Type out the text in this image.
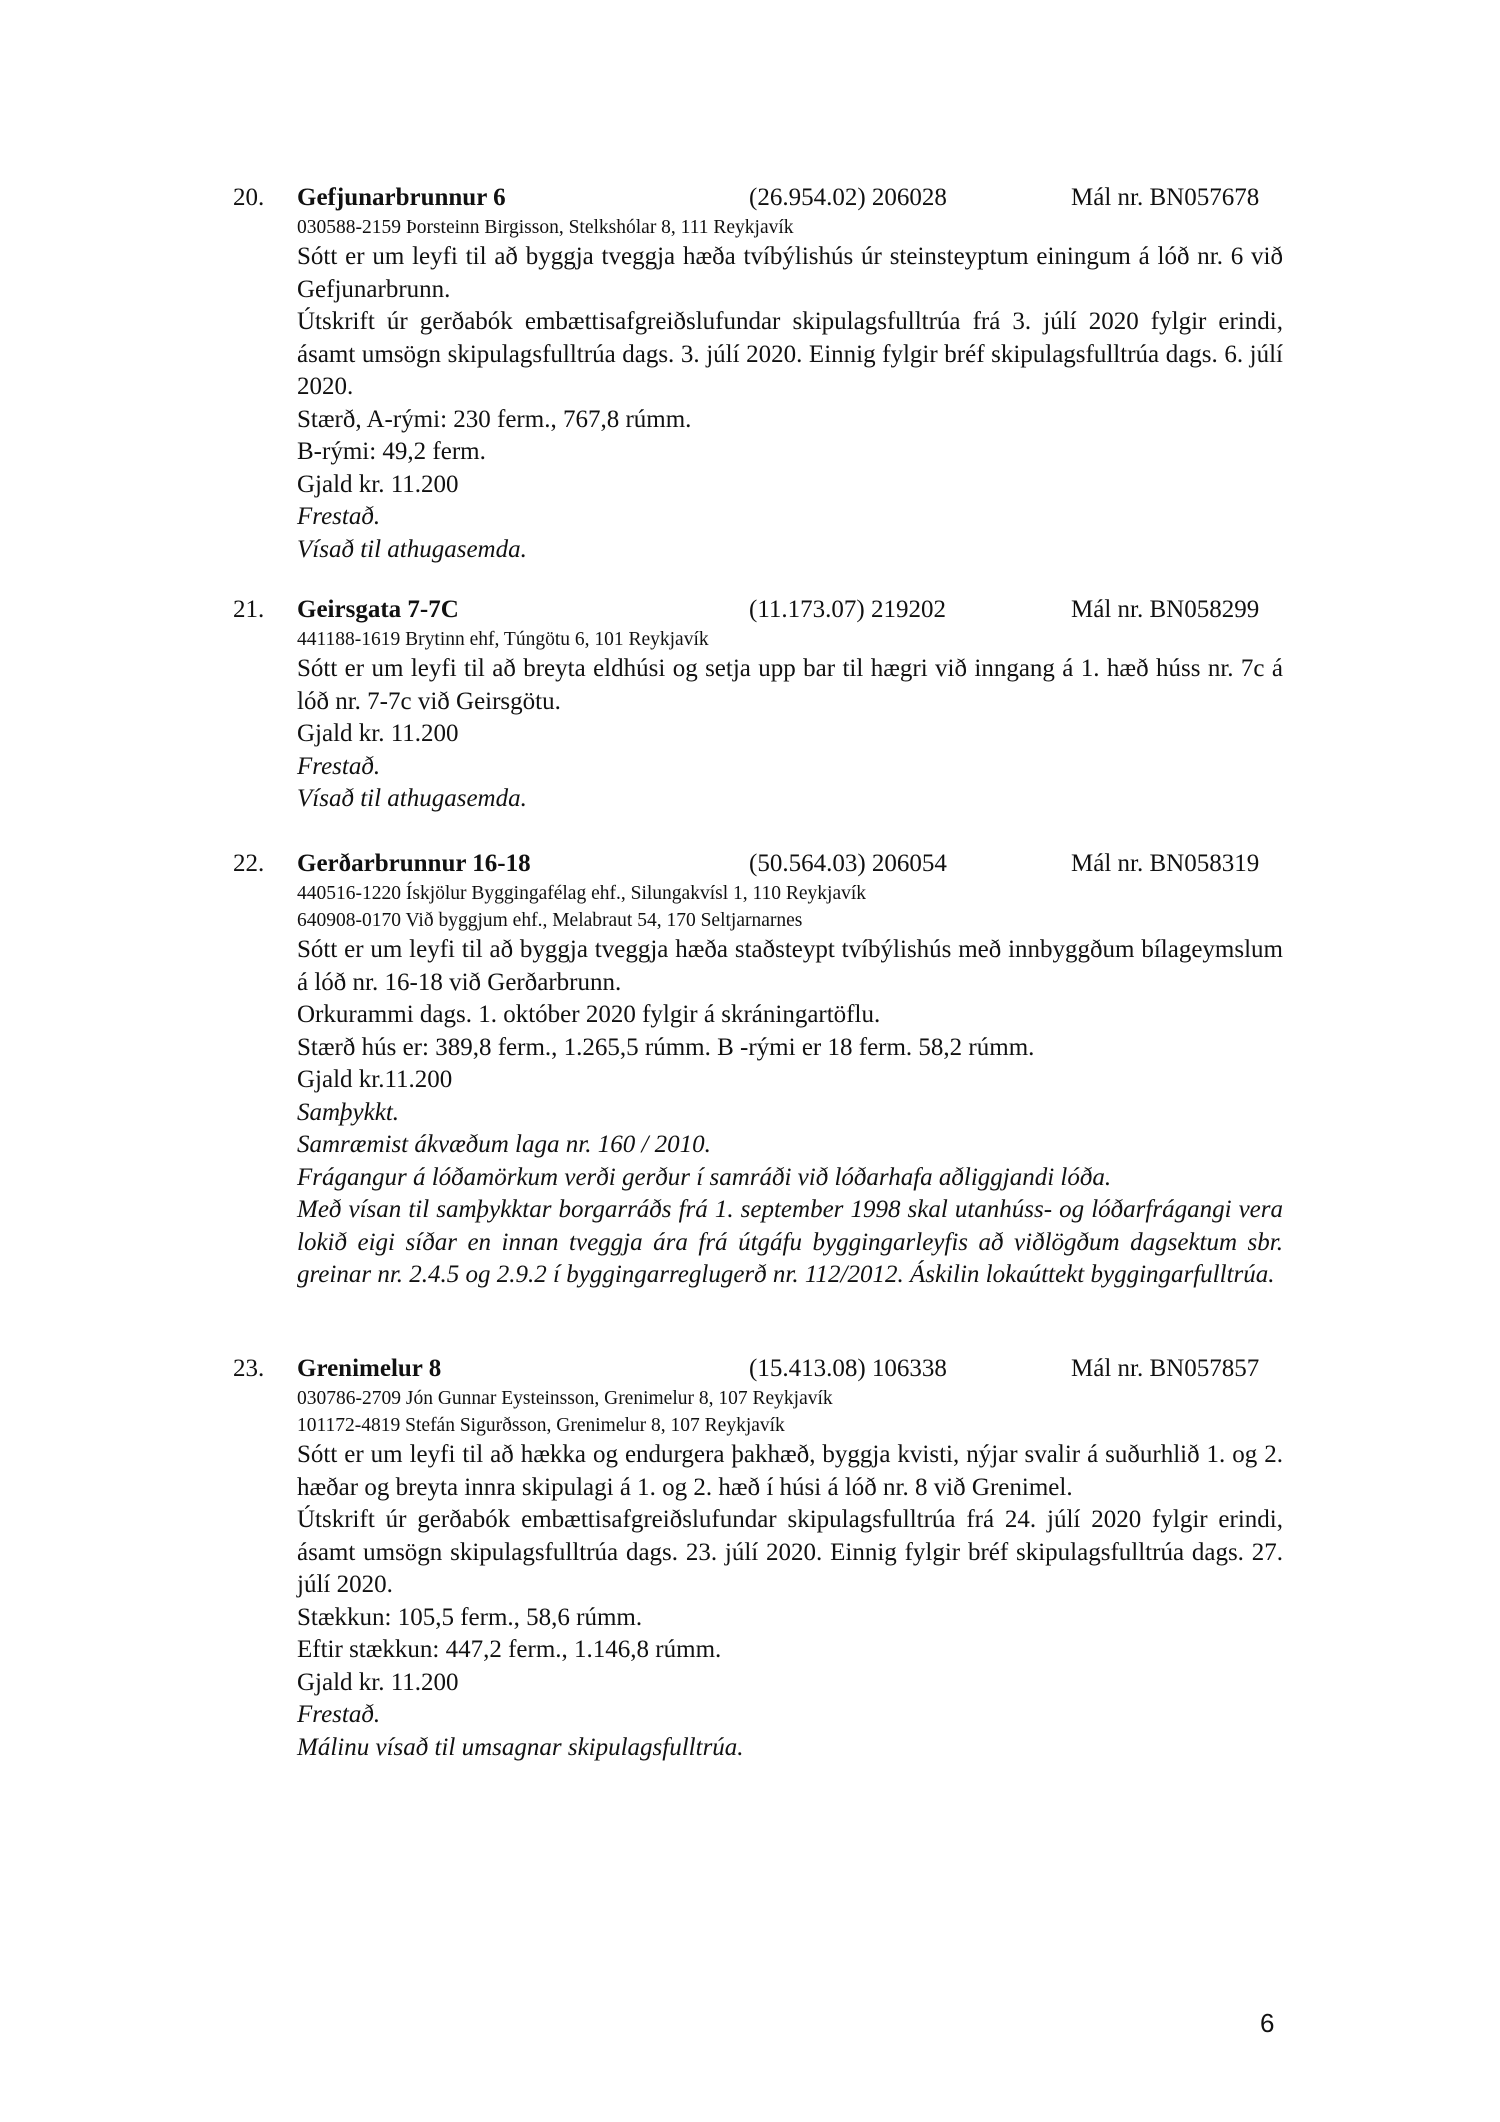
20. Gefjunarbrunnur 6	(26.954.02) 206028	Mál nr. BN057678
030588-2159 Þorsteinn Birgisson, Stelkshólar 8, 111 Reykjavík
Sótt er um leyfi til að byggja tveggja hæða tvíbýlishús úr steinsteyptum einingum á lóð nr. 6 við Gefjunarbrunn.
Útskrift úr gerðabók embættisafgreiðslufundar skipulagsfulltrúa frá 3. júlí 2020 fylgir erindi, ásamt umsögn skipulagsfulltrúa dags. 3. júlí 2020. Einnig fylgir bréf skipulagsfulltrúa dags. 6. júlí 2020.
Stærð, A-rými: 230 ferm., 767,8 rúmm.
B-rými: 49,2 ferm.
Gjald kr. 11.200
Frestað.
Vísað til athugasemda.
21. Geirsgata 7-7C	(11.173.07) 219202	Mál nr. BN058299
441188-1619 Brytinn ehf, Túngötu 6, 101 Reykjavík
Sótt er um leyfi til að breyta eldhúsi og setja upp bar til hægri við inngang á 1. hæð húss nr. 7c á lóð nr. 7-7c við Geirsgötu.
Gjald kr. 11.200
Frestað.
Vísað til athugasemda.
22. Gerðarbrunnur 16-18	(50.564.03) 206054	Mál nr. BN058319
440516-1220 Ískjölur Byggingafélag ehf., Silungakvísl 1, 110 Reykjavík
640908-0170 Við byggjum ehf., Melabraut 54, 170 Seltjarnarnes
Sótt er um leyfi til að byggja tveggja hæða staðsteypt tvíbýlishús með innbyggðum bílageymslum á lóð nr. 16-18 við Gerðarbrunn.
Orkurammi dags. 1. október 2020 fylgir á skráningartöflu.
Stærð hús er: 389,8 ferm., 1.265,5 rúmm. B -rými er 18 ferm. 58,2 rúmm.
Gjald kr.11.200
Samþykkt.
Samræmist ákvæðum laga nr. 160 / 2010.
Frágangur á lóðamörkum verði gerður í samráði við lóðarhafa aðliggjandi lóða.
Með vísan til samþykktar borgarráðs frá 1. september 1998 skal utanhúss- og lóðarfrágangi vera lokið eigi síðar en innan tveggja ára frá útgáfu byggingarleyfis að viðlögðum dagsektum sbr. greinar nr. 2.4.5 og 2.9.2 í byggingarreglugerð nr. 112/2012. Áskilin lokaúttekt byggingarfulltrúa.
23. Grenimelur 8	(15.413.08) 106338	Mál nr. BN057857
030786-2709 Jón Gunnar Eysteinsson, Grenimelur 8, 107 Reykjavík
101172-4819 Stefán Sigurðsson, Grenimelur 8, 107 Reykjavík
Sótt er um leyfi til að hækka og endurgera þakhæð, byggja kvisti, nýjar svalir á suðurhlið 1. og 2. hæðar og breyta innra skipulagi á 1. og 2. hæð í húsi á lóð nr. 8 við Grenimel.
Útskrift úr gerðabók embættisafgreiðslufundar skipulagsfulltrúa frá 24. júlí 2020 fylgir erindi, ásamt umsögn skipulagsfulltrúa dags. 23. júlí 2020. Einnig fylgir bréf skipulagsfulltrúa dags. 27. júlí 2020.
Stækkun: 105,5 ferm., 58,6 rúmm.
Eftir stækkun: 447,2 ferm., 1.146,8 rúmm.
Gjald kr. 11.200
Frestað.
Málinu vísað til umsagnar skipulagsfulltrúa.
6
